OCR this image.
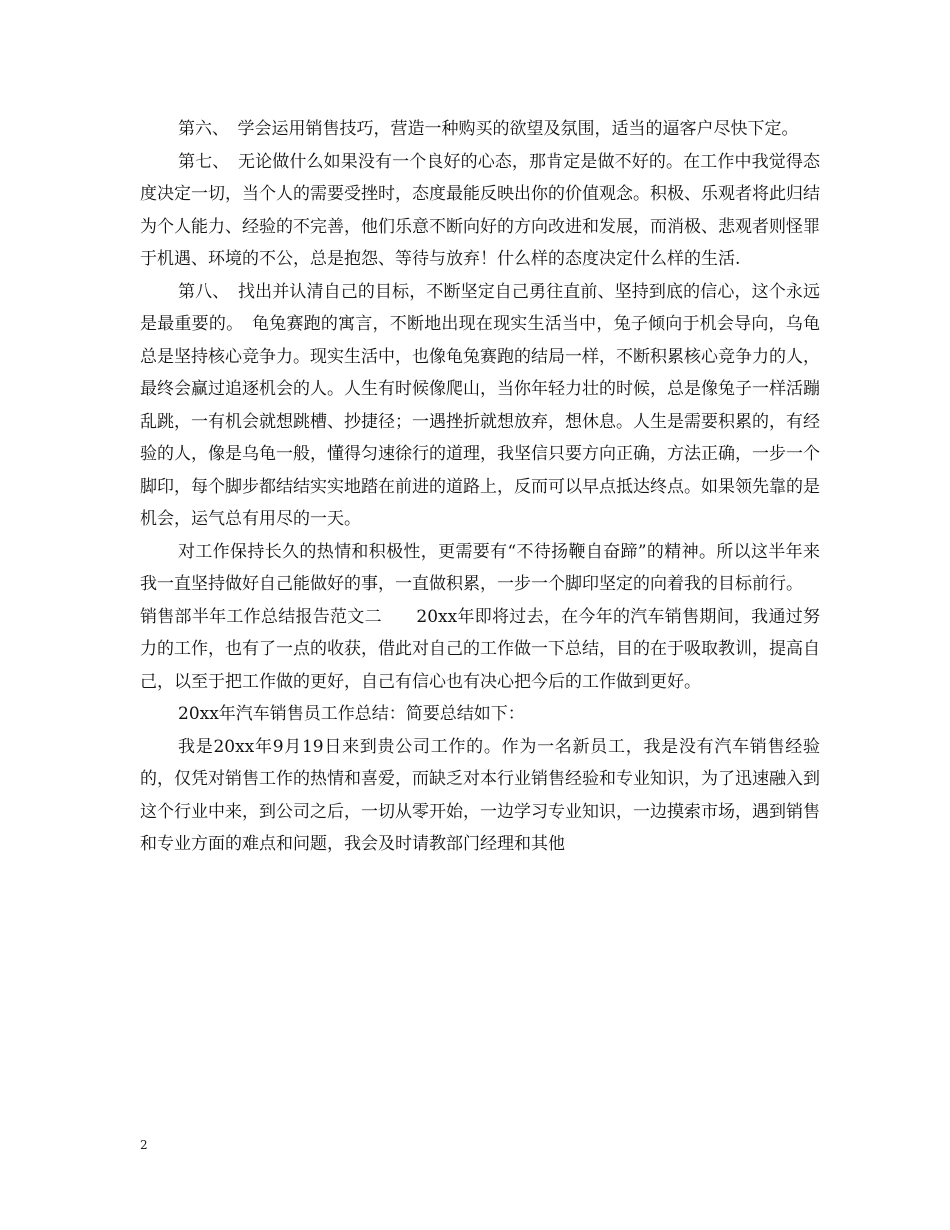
第六、　学会运用销售技巧，营造一种购买的欲望及氛围，适当的逼客户尽快下定。

第七、　无论做什么如果没有一个良好的心态，那肯定是做不好的。在工作中我觉得态度决定一切，当个人的需要受挫时，态度最能反映出你的价值观念。积极、乐观者将此归结为个人能力、经验的不完善，他们乐意不断向好的方向改进和发展，而消极、悲观者则怪罪于机遇、环境的不公，总是抱怨、等待与放弃！什么样的态度决定什么样的生活.

第八、　找出并认清自己的目标，不断坚定自己勇往直前、坚持到底的信心，这个永远是最重要的。　龟兔赛跑的寓言，不断地出现在现实生活当中，兔子倾向于机会导向，乌龟总是坚持核心竞争力。现实生活中，也像龟兔赛跑的结局一样，不断积累核心竞争力的人，最终会赢过追逐机会的人。人生有时候像爬山，当你年轻力壮的时候，总是像兔子一样活蹦乱跳，一有机会就想跳槽、抄捷径；一遇挫折就想放弃，想休息。人生是需要积累的，有经验的人，像是乌龟一般，懂得匀速徐行的道理，我坚信只要方向正确，方法正确，一步一个脚印，每个脚步都结结实实地踏在前进的道路上，反而可以早点抵达终点。如果领先靠的是机会，运气总有用尽的一天。

对工作保持长久的热情和积极性，更需要有“不待扬鞭自奋蹄”的精神。所以这半年来我一直坚持做好自己能做好的事，一直做积累，一步一个脚印坚定的向着我的目标前行。

销售部半年工作总结报告范文二　　20xx年即将过去，在今年的汽车销售期间，我通过努力的工作，也有了一点的收获，借此对自己的工作做一下总结，目的在于吸取教训，提高自己，以至于把工作做的更好，自己有信心也有决心把今后的工作做到更好。

20xx年汽车销售员工作总结：简要总结如下：

我是20xx年9月19日来到贵公司工作的。作为一名新员工，我是没有汽车销售经验的，仅凭对销售工作的热情和喜爱，而缺乏对本行业销售经验和专业知识，为了迅速融入到这个行业中来，到公司之后，一切从零开始，一边学习专业知识，一边摸索市场，遇到销售和专业方面的难点和问题，我会及时请教部门经理和其他

2
